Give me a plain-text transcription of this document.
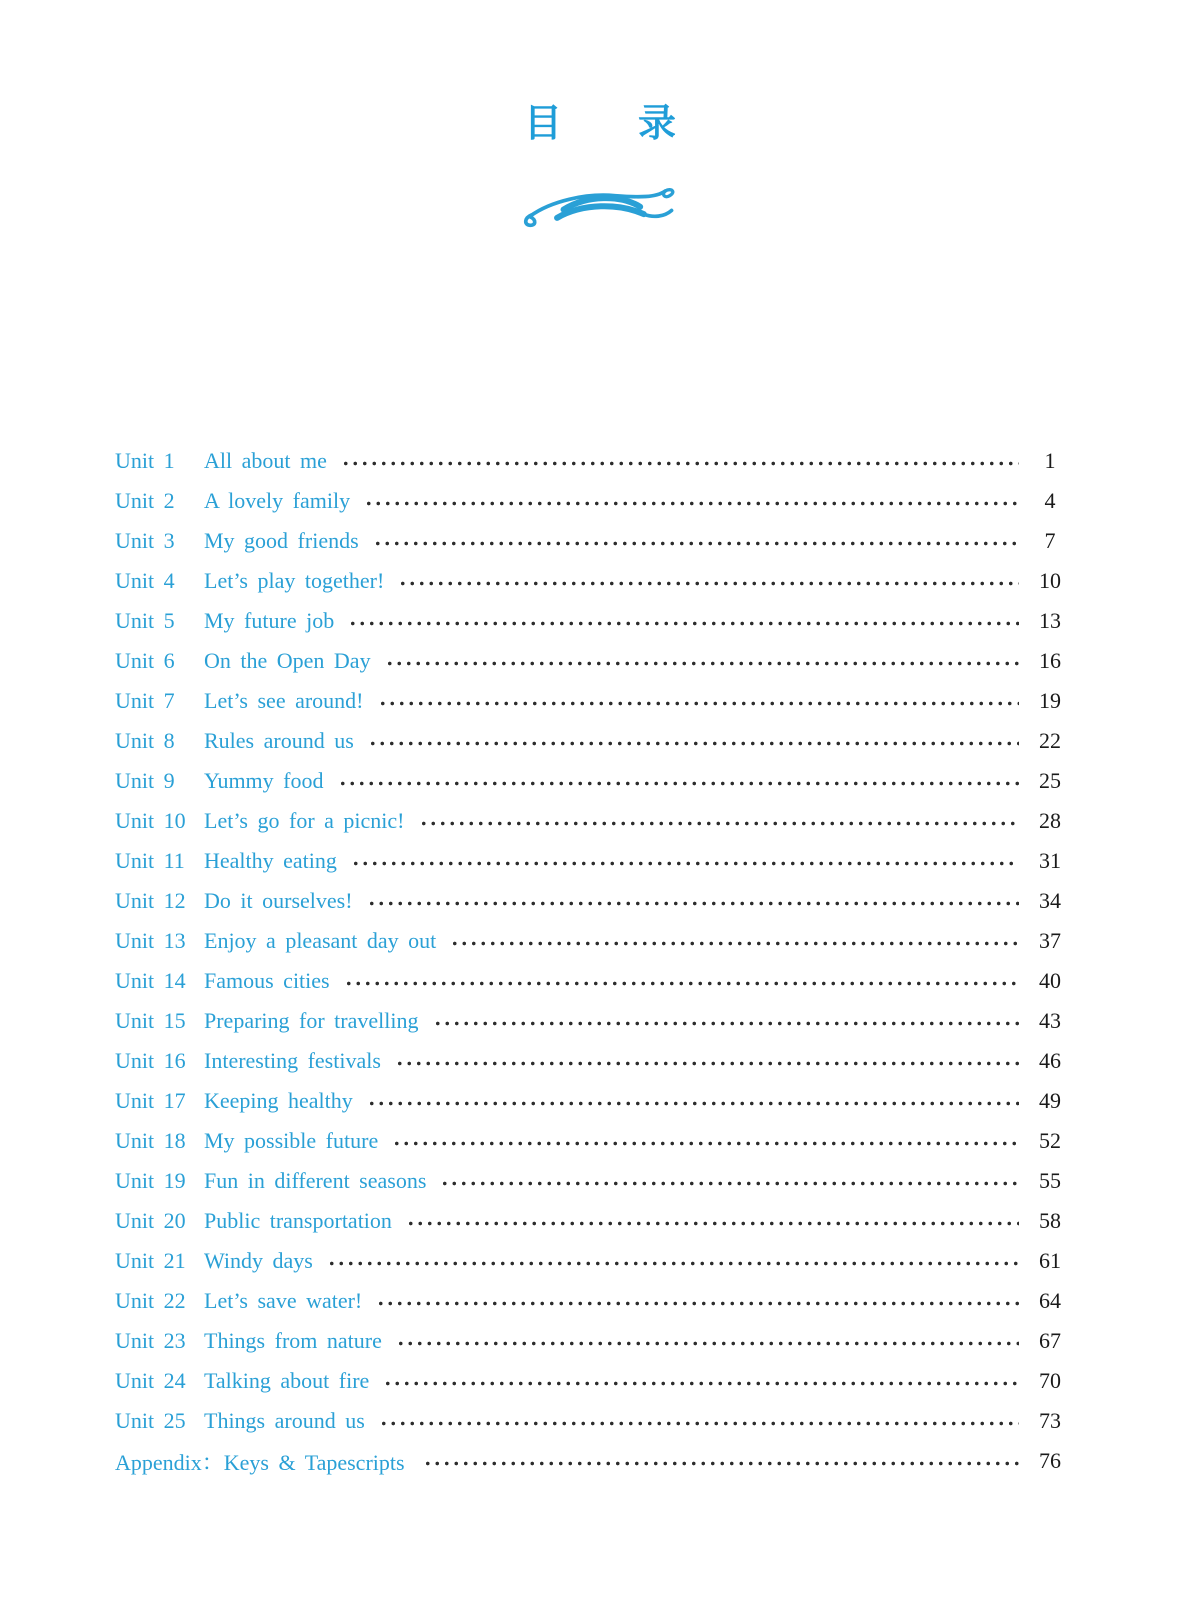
目 录
Unit 1	All about me	1
Unit 2	A lovely family	4
Unit 3	My good friends	7
Unit 4	Let’s play together!	10
Unit 5	My future job	13
Unit 6	On the Open Day	16
Unit 7	Let’s see around!	19
Unit 8	Rules around us	22
Unit 9	Yummy food	25
Unit 10 Let’s go for a picnic!	28
Unit 11 Healthy eating	31
Unit 12 Do it ourselves!	34
Unit 13 Enjoy a pleasant day out	37
Unit 14 Famous cities	40
Unit 15 Preparing for travelling	43
Unit 16 Interesting festivals	46
Unit 17 Keeping healthy	49
Unit 18 My possible future	52
Unit 19 Fun in different seasons	55
Unit 20 Public transportation	58
Unit 21 Windy days	61
Unit 22 Let’s save water!	64
Unit 23 Things from nature	67
Unit 24 Talking about fire	70
Unit 25 Things around us	73
Appendix：Keys & Tapescripts	76
